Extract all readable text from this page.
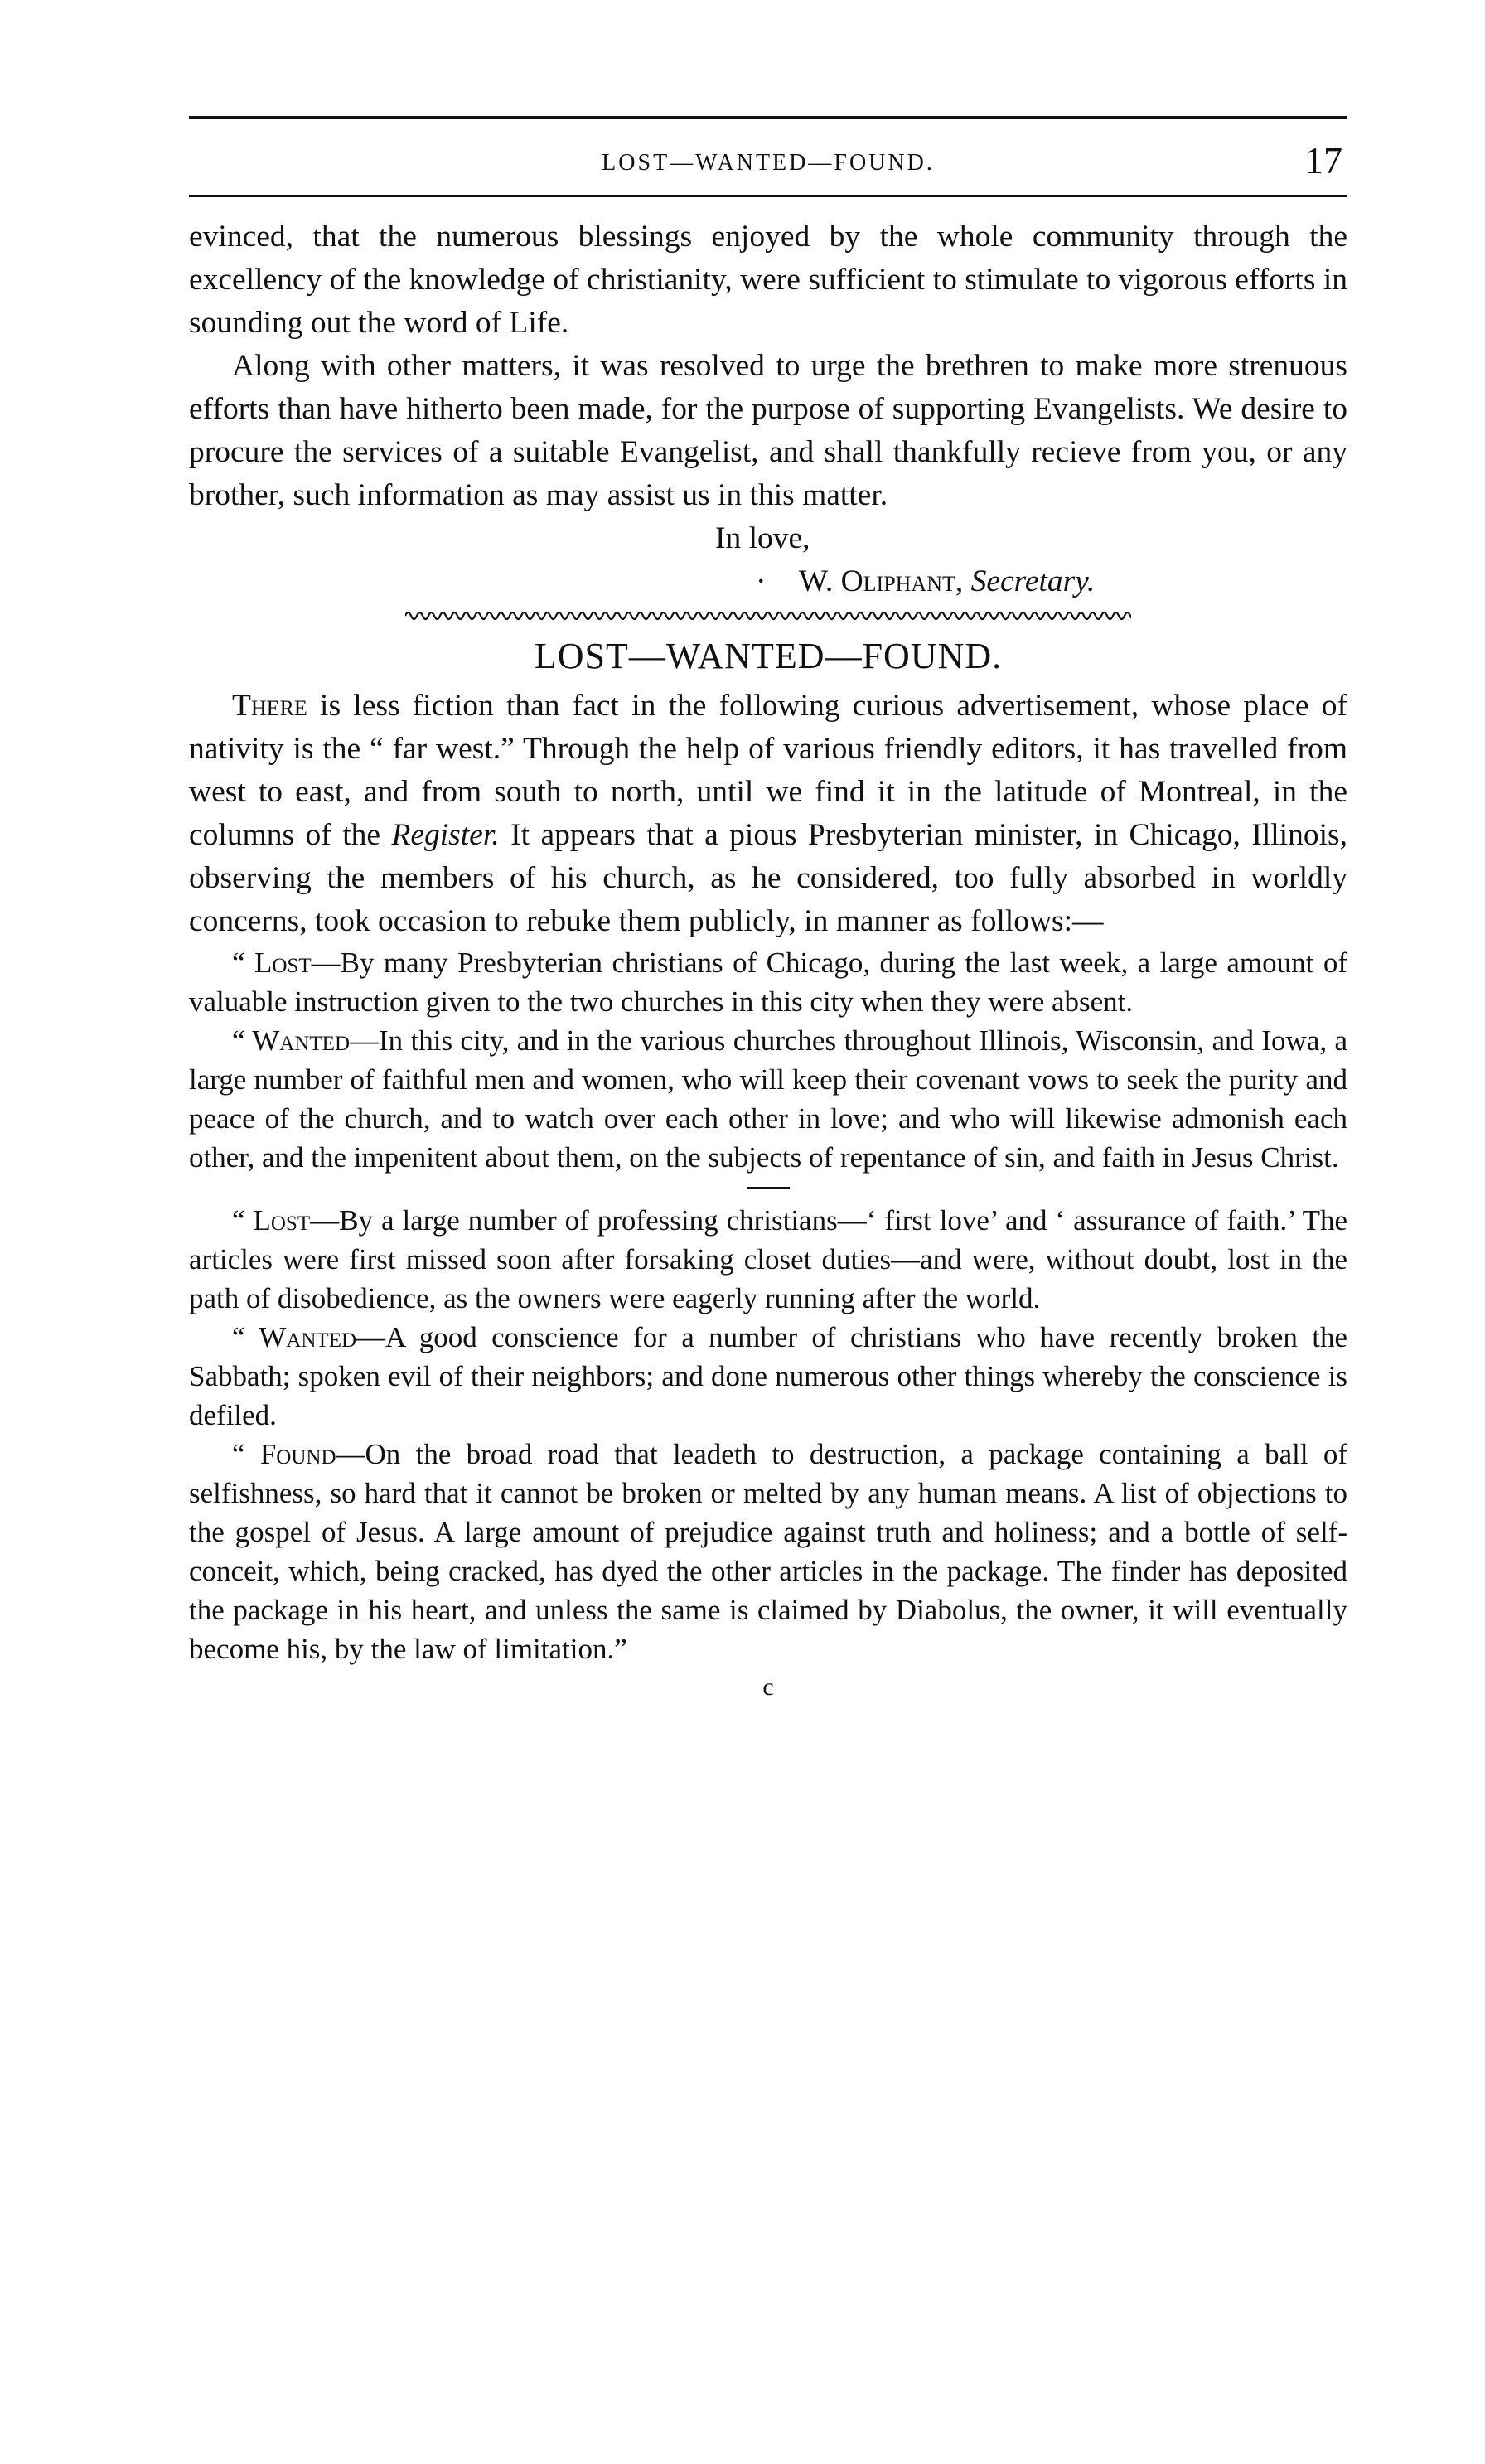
LOST—WANTED—FOUND.	17

evinced, that the numerous blessings enjoyed by the whole community through the excellency of the knowledge of christianity, were sufficient to stimulate to vigorous efforts in sounding out the word of Life.

Along with other matters, it was resolved to urge the brethren to make more strenuous efforts than have hitherto been made, for the purpose of supporting Evangelists. We desire to procure the services of a suitable Evangelist, and shall thankfully recieve from you, or any brother, such information as may assist us in this matter.

In love,
· W. Oliphant, Secretary.
LOST—WANTED—FOUND.

There is less fiction than fact in the following curious advertisement, whose place of nativity is the “ far west.” Through the help of various friendly editors, it has travelled from west to east, and from south to north, until we find it in the latitude of Montreal, in the columns of the Register. It appears that a pious Presbyterian minister, in Chicago, Illinois, observing the members of his church, as he considered, too fully absorbed in worldly concerns, took occasion to rebuke them publicly, in manner as follows:—

“ Lost—By many Presbyterian christians of Chicago, during the last week, a large amount of valuable instruction given to the two churches in this city when they were absent.

“ Wanted—In this city, and in the various churches throughout Illinois, Wisconsin, and Iowa, a large number of faithful men and women, who will keep their covenant vows to seek the purity and peace of the church, and to watch over each other in love; and who will likewise admonish each other, and the impenitent about them, on the subjects of repentance of sin, and faith in Jesus Christ.

“ Lost—By a large number of professing christians—‘ first love’ and ‘ assurance of faith.’ The articles were first missed soon after forsaking closet duties—and were, without doubt, lost in the path of disobedience, as the owners were eagerly running after the world.

“ Wanted—A good conscience for a number of christians who have recently broken the Sabbath; spoken evil of their neighbors; and done numerous other things whereby the conscience is defiled.

“ Found—On the broad road that leadeth to destruction, a package containing a ball of selfishness, so hard that it cannot be broken or melted by any human means. A list of objections to the gospel of Jesus. A large amount of prejudice against truth and holiness; and a bottle of self-conceit, which, being cracked, has dyed the other articles in the package. The finder has deposited the package in his heart, and unless the same is claimed by Diabolus, the owner, it will eventually become his, by the law of limitation.”

c
